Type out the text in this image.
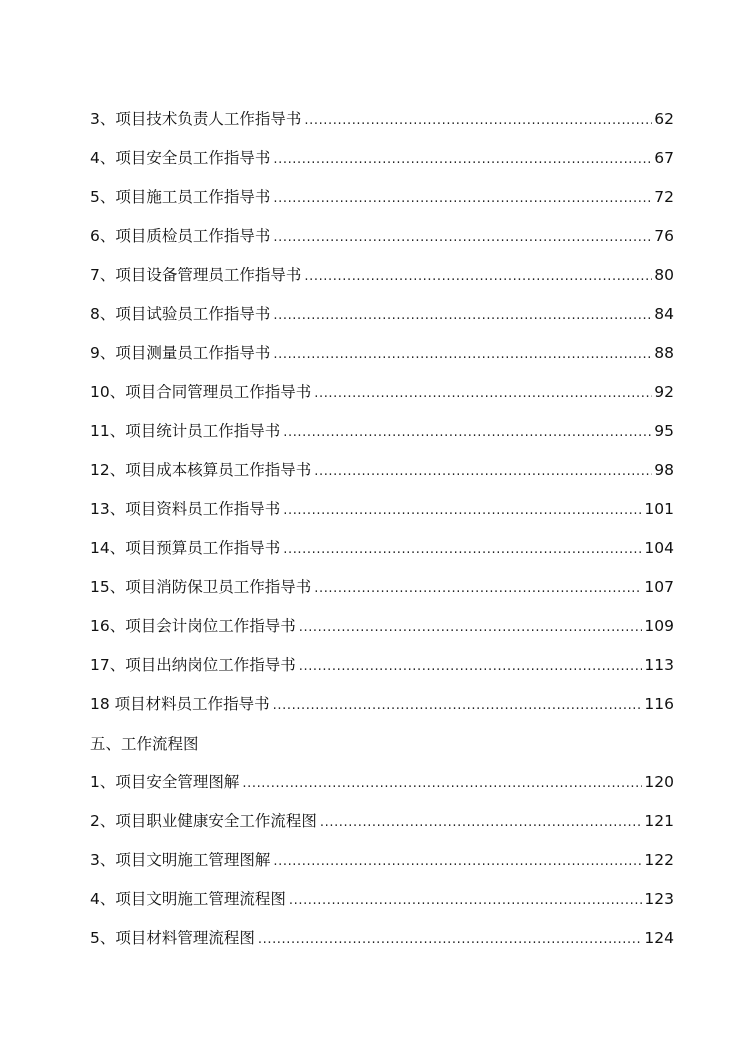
3、项目技术负责人工作指导书 .....	62
4、项目安全员工作指导书 .....	67
5、项目施工员工作指导书 .....	72
6、项目质检员工作指导书 .....	76
7、项目设备管理员工作指导书 .....	80
8、项目试验员工作指导书 .....	84
9、项目测量员工作指导书 .....	88
10、项目合同管理员工作指导书 .....	92
11、项目统计员工作指导书 .....	95
12、项目成本核算员工作指导书 .....	98
13、项目资料员工作指导书 .....	101
14、项目预算员工作指导书 .....	104
15、项目消防保卫员工作指导书 .....	107
16、项目会计岗位工作指导书 .....	109
17、项目出纳岗位工作指导书 .....	113
18 项目材料员工作指导书 .....	116
五、工作流程图
1、项目安全管理图解 .....	120
2、项目职业健康安全工作流程图 .....	121
3、项目文明施工管理图解 .....	122
4、项目文明施工管理流程图 .....	123
5、项目材料管理流程图 .....	124
